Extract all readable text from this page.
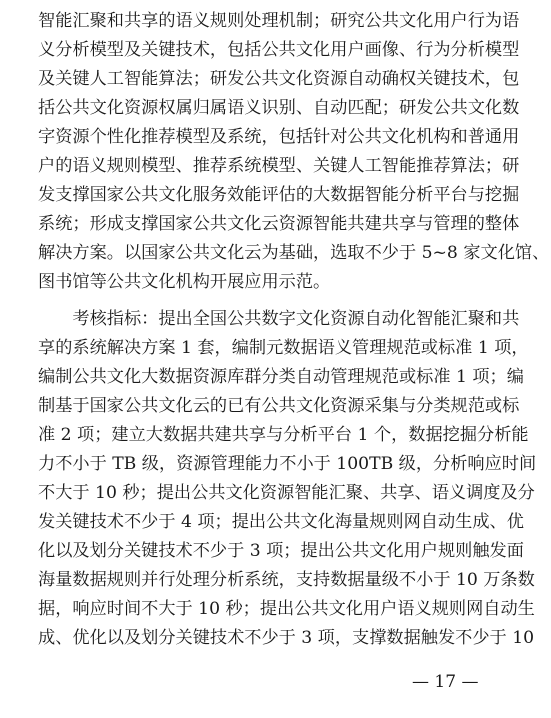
智能汇聚和共享的语义规则处理机制；研究公共文化用户行为语
义分析模型及关键技术，包括公共文化用户画像、行为分析模型
及关键人工智能算法；研发公共文化资源自动确权关键技术，包
括公共文化资源权属归属语义识别、自动匹配；研发公共文化数
字资源个性化推荐模型及系统，包括针对公共文化机构和普通用
户的语义规则模型、推荐系统模型、关键人工智能推荐算法；研
发支撑国家公共文化服务效能评估的大数据智能分析平台与挖掘
系统；形成支撑国家公共文化云资源智能共建共享与管理的整体
解决方案。以国家公共文化云为基础，选取不少于 5~8 家文化馆、
图书馆等公共文化机构开展应用示范。
　　考核指标：提出全国公共数字文化资源自动化智能汇聚和共
享的系统解决方案 1 套，编制元数据语义管理规范或标准 1 项，
编制公共文化大数据资源库群分类自动管理规范或标准 1 项；编
制基于国家公共文化云的已有公共文化资源采集与分类规范或标
准 2 项；建立大数据共建共享与分析平台 1 个，数据挖掘分析能
力不小于 TB 级，资源管理能力不小于 100TB 级，分析响应时间
不大于 10 秒；提出公共文化资源智能汇聚、共享、语义调度及分
发关键技术不少于 4 项；提出公共文化海量规则网自动生成、优
化以及划分关键技术不少于 3 项；提出公共文化用户规则触发面
海量数据规则并行处理分析系统，支持数据量级不小于 10 万条数
据，响应时间不大于 10 秒；提出公共文化用户语义规则网自动生
成、优化以及划分关键技术不少于 3 项，支撑数据触发不少于 10
— 17 —
